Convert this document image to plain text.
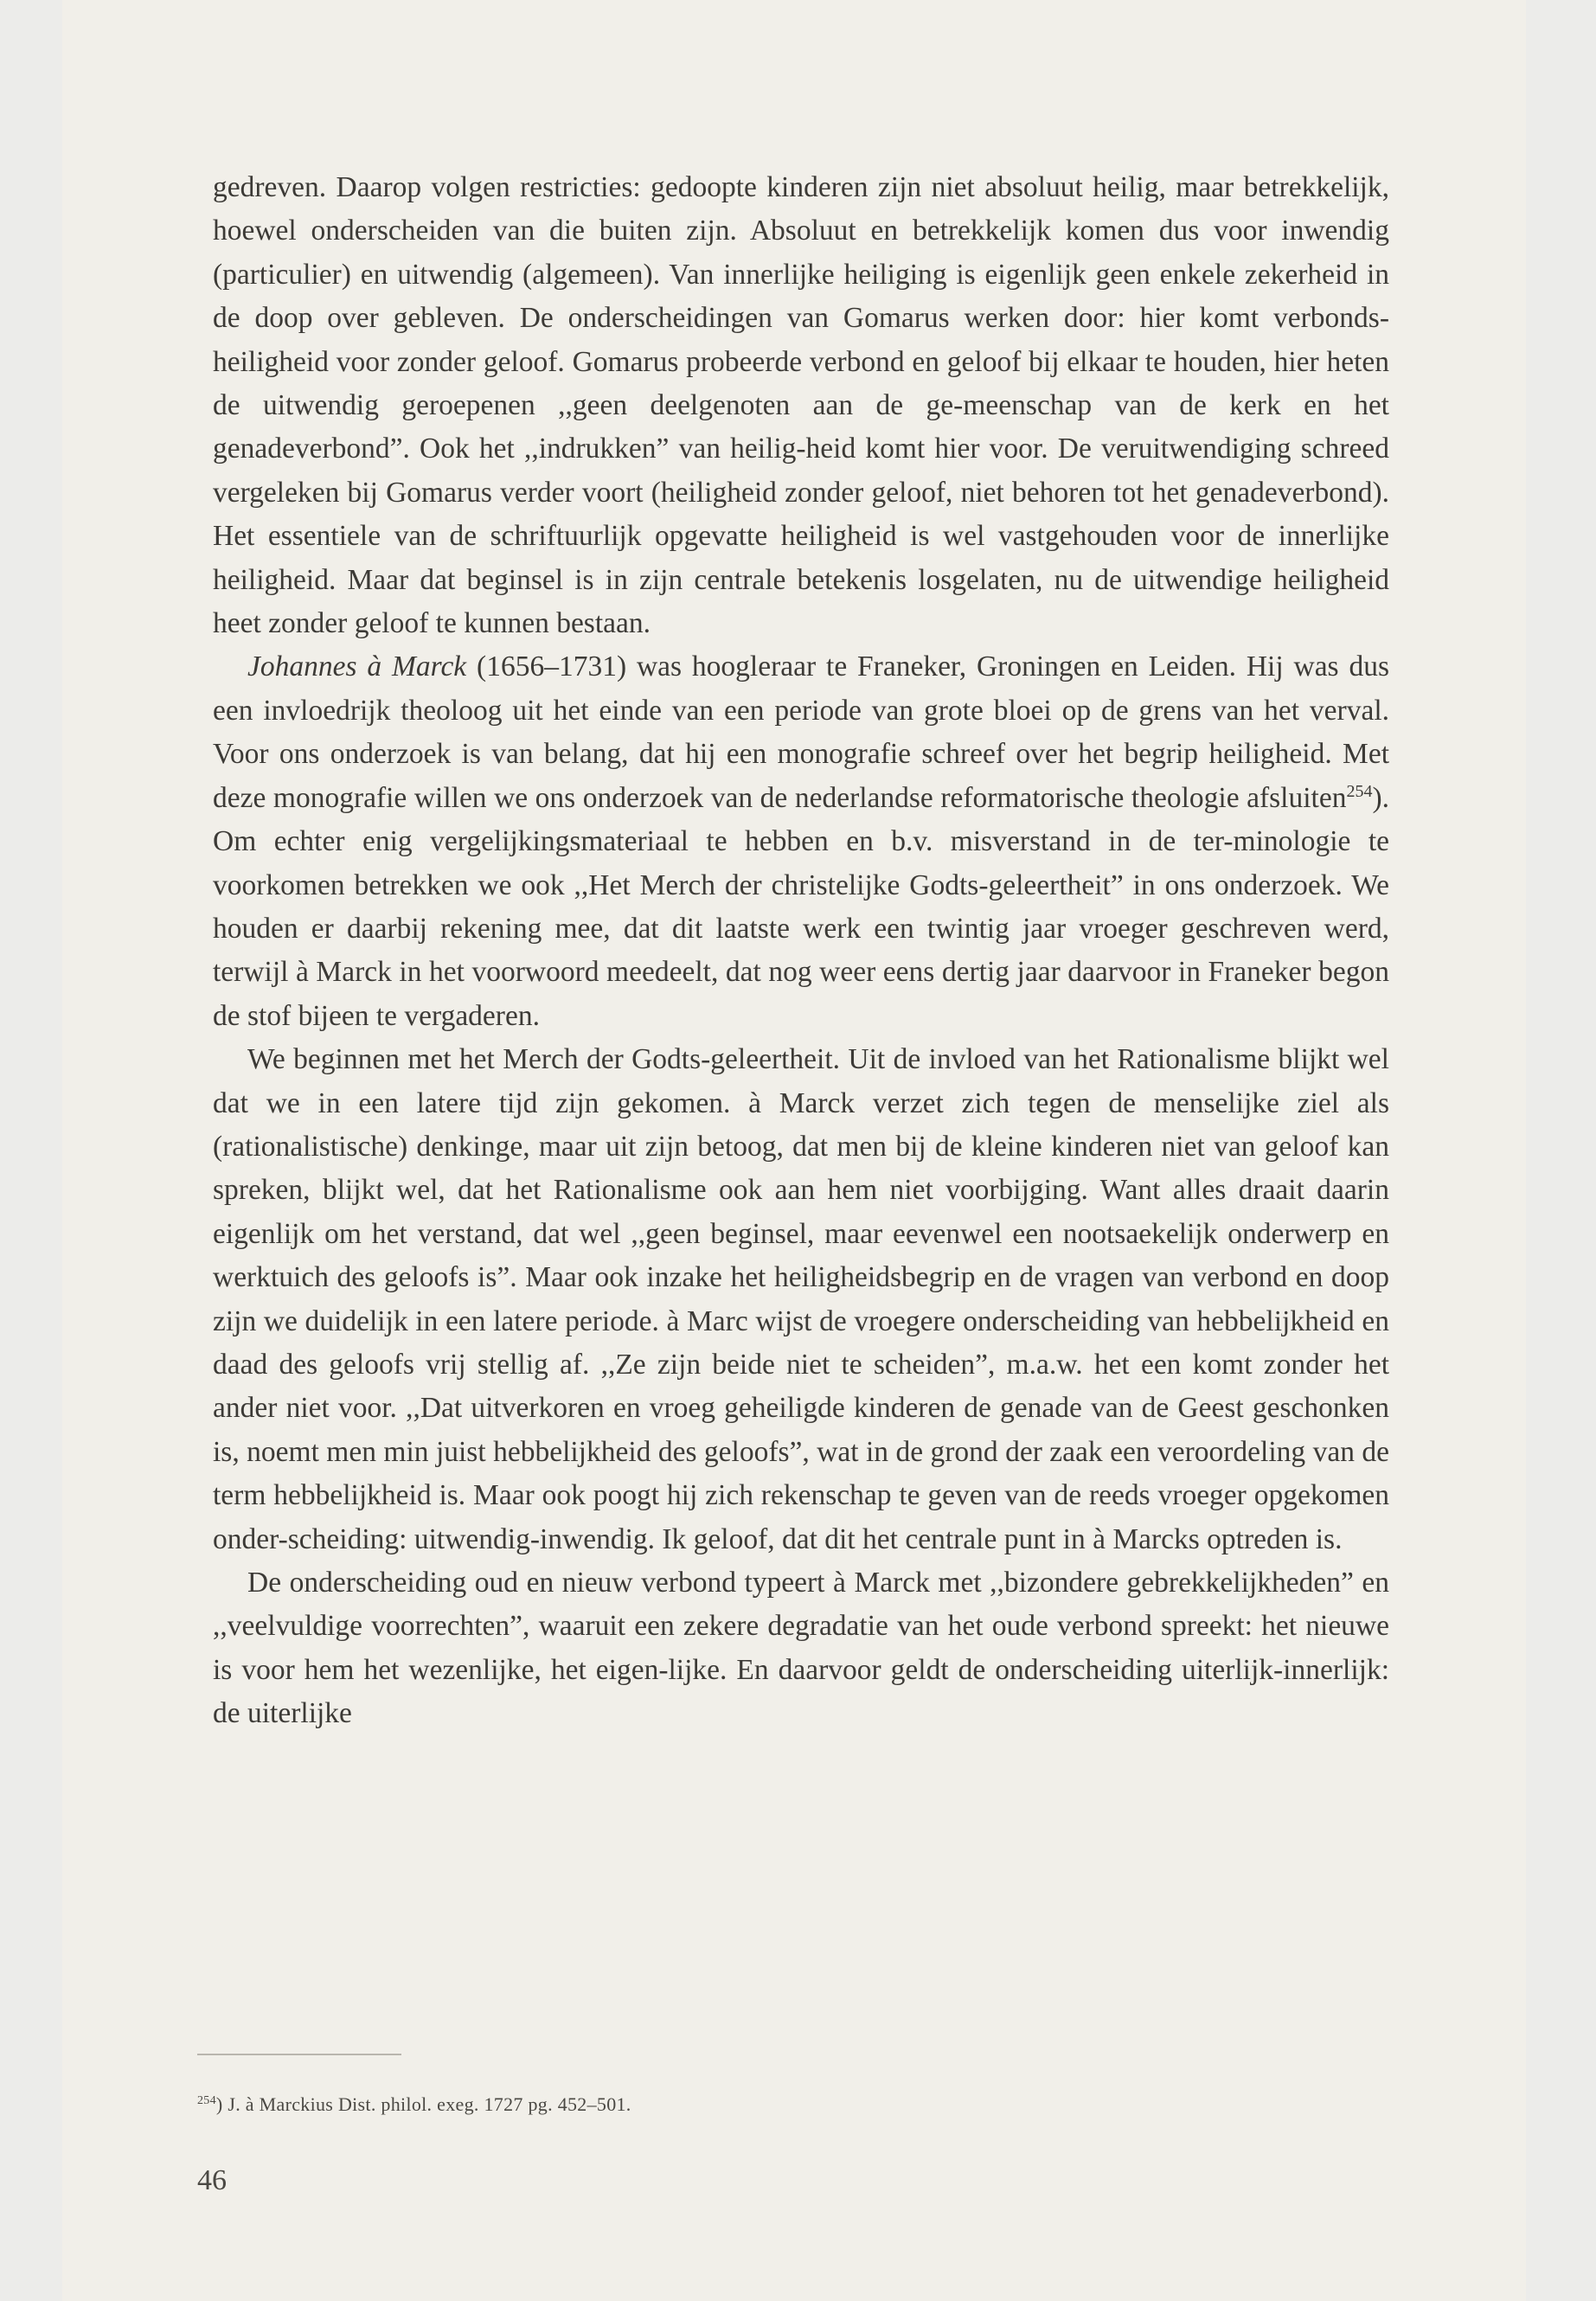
gedreven. Daarop volgen restricties: gedoopte kinderen zijn niet absoluut heilig, maar betrekkelijk, hoewel onderscheiden van die buiten zijn. Absoluut en betrekkelijk komen dus voor inwendig (particulier) en uitwendig (algemeen). Van innerlijke heiliging is eigenlijk geen enkele zekerheid in de doop over gebleven. De onderscheidingen van Gomarus werken door: hier komt verbonds-heiligheid voor zonder geloof. Gomarus probeerde verbond en geloof bij elkaar te houden, hier heten de uitwendig geroepenen ,,geen deelgenoten aan de ge-meenschap van de kerk en het genadeverbond”. Ook het ,,indrukken” van heilig-heid komt hier voor. De veruitwendiging schreed vergeleken bij Gomarus verder voort (heiligheid zonder geloof, niet behoren tot het genadeverbond). Het essentiele van de schriftuurlijk opgevatte heiligheid is wel vastgehouden voor de innerlijke heiligheid. Maar dat beginsel is in zijn centrale betekenis losgelaten, nu de uitwendige heiligheid heet zonder geloof te kunnen bestaan.

Johannes à Marck (1656–1731) was hoogleraar te Franeker, Groningen en Leiden. Hij was dus een invloedrijk theoloog uit het einde van een periode van grote bloei op de grens van het verval. Voor ons onderzoek is van belang, dat hij een monografie schreef over het begrip heiligheid. Met deze monografie willen we ons onderzoek van de nederlandse reformatorische theologie afsluiten$^{254}$). Om echter enig vergelijkingsmateriaal te hebben en b.v. misverstand in de ter-minologie te voorkomen betrekken we ook ,,Het Merch der christelijke Godts-geleertheit” in ons onderzoek. We houden er daarbij rekening mee, dat dit laatste werk een twintig jaar vroeger geschreven werd, terwijl à Marck in het voorwoord meedeelt, dat nog weer eens dertig jaar daarvoor in Franeker begon de stof bijeen te vergaderen.

We beginnen met het Merch der Godts-geleertheit. Uit de invloed van het Rationalisme blijkt wel dat we in een latere tijd zijn gekomen. à Marck verzet zich tegen de menselijke ziel als (rationalistische) denkinge, maar uit zijn betoog, dat men bij de kleine kinderen niet van geloof kan spreken, blijkt wel, dat het Rationalisme ook aan hem niet voorbijging. Want alles draait daarin eigenlijk om het verstand, dat wel ,,geen beginsel, maar eevenwel een nootsaekelijk onderwerp en werktuich des geloofs is”. Maar ook inzake het heiligheidsbegrip en de vragen van verbond en doop zijn we duidelijk in een latere periode. à Marc wijst de vroegere onderscheiding van hebbelijkheid en daad des geloofs vrij stellig af. ,,Ze zijn beide niet te scheiden”, m.a.w. het een komt zonder het ander niet voor. ,,Dat uitverkoren en vroeg geheiligde kinderen de genade van de Geest geschonken is, noemt men min juist hebbelijkheid des geloofs”, wat in de grond der zaak een veroordeling van de term hebbelijkheid is. Maar ook poogt hij zich rekenschap te geven van de reeds vroeger opgekomen onder-scheiding: uitwendig-inwendig. Ik geloof, dat dit het centrale punt in à Marcks optreden is.

De onderscheiding oud en nieuw verbond typeert à Marck met ,,bizondere gebrekkelijkheden” en ,,veelvuldige voorrechten”, waaruit een zekere degradatie van het oude verbond spreekt: het nieuwe is voor hem het wezenlijke, het eigen-lijke. En daarvoor geldt de onderscheiding uiterlijk-innerlijk: de uiterlijke

$^{254}$) J. à Marckius Dist. philol. exeg. 1727 pg. 452–501.
46
